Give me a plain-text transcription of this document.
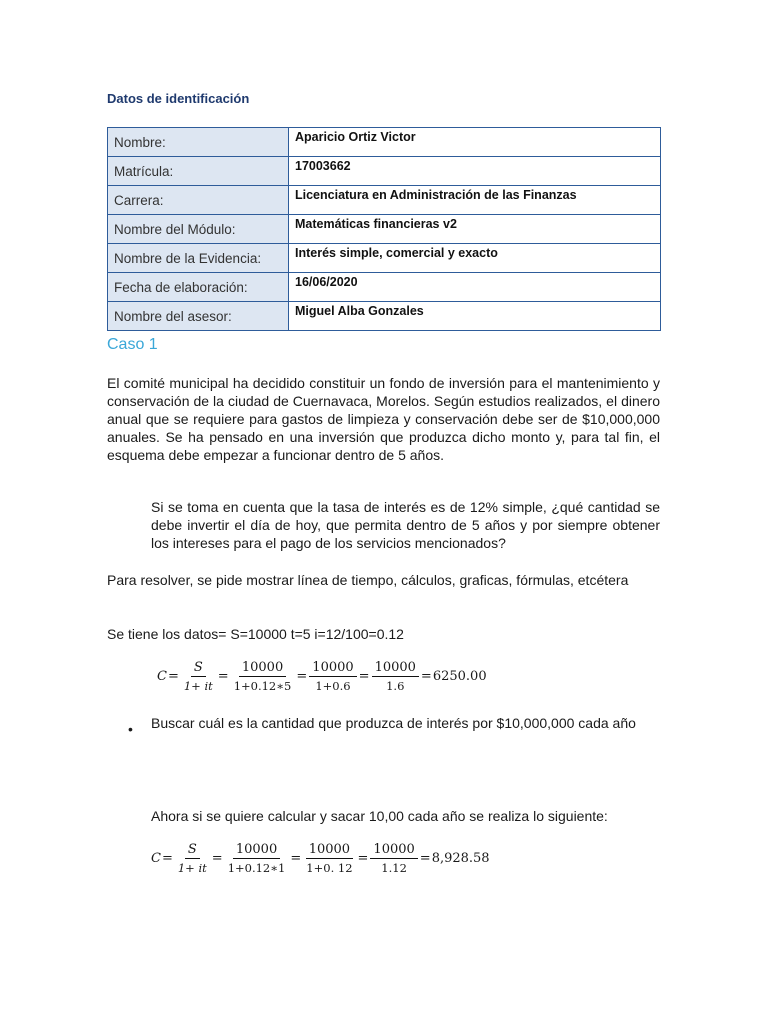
Datos de identificación
Nombre:	Aparicio Ortiz Victor
Matrícula:	17003662
Carrera:	Licenciatura en Administración de las Finanzas
Nombre del Módulo:	Matemáticas financieras v2
Nombre de la Evidencia:	Interés simple, comercial y exacto
Fecha de elaboración:	16/06/2020
Nombre del asesor:	Miguel Alba Gonzales
Caso 1

El comité municipal ha decidido constituir un fondo de inversión para el mantenimiento y conservación de la ciudad de Cuernavaca, Morelos. Según estudios realizados, el dinero anual que se requiere para gastos de limpieza y conservación debe ser de $10,000,000 anuales. Se ha pensado en una inversión que produzca dicho monto y, para tal fin, el esquema debe empezar a funcionar dentro de 5 años.

Si se toma en cuenta que la tasa de interés es de 12% simple, ¿qué cantidad se debe invertir el día de hoy, que permita dentro de 5 años y por siempre obtener los intereses para el pago de los servicios mencionados?

Para resolver, se pide mostrar línea de tiempo, cálculos, graficas, fórmulas, etcétera

Se tiene los datos= S=10000 t=5 i=12/100=0.12

$C = \frac{S}{1+ it} = \frac{10000}{1+0.12∗5} = \frac{10000}{1+0.6} = \frac{10000}{1.6} = 6250.00$
• Buscar cuál es la cantidad que produzca de interés por $10,000,000 cada año

Ahora si se quiere calcular y sacar 10,00 cada año se realiza lo siguiente:

$C = \frac{S}{1+ it} = \frac{10000}{1+0.12∗1} = \frac{10000}{1+0. 12} = \frac{10000}{1.12} = 8,928.58$
